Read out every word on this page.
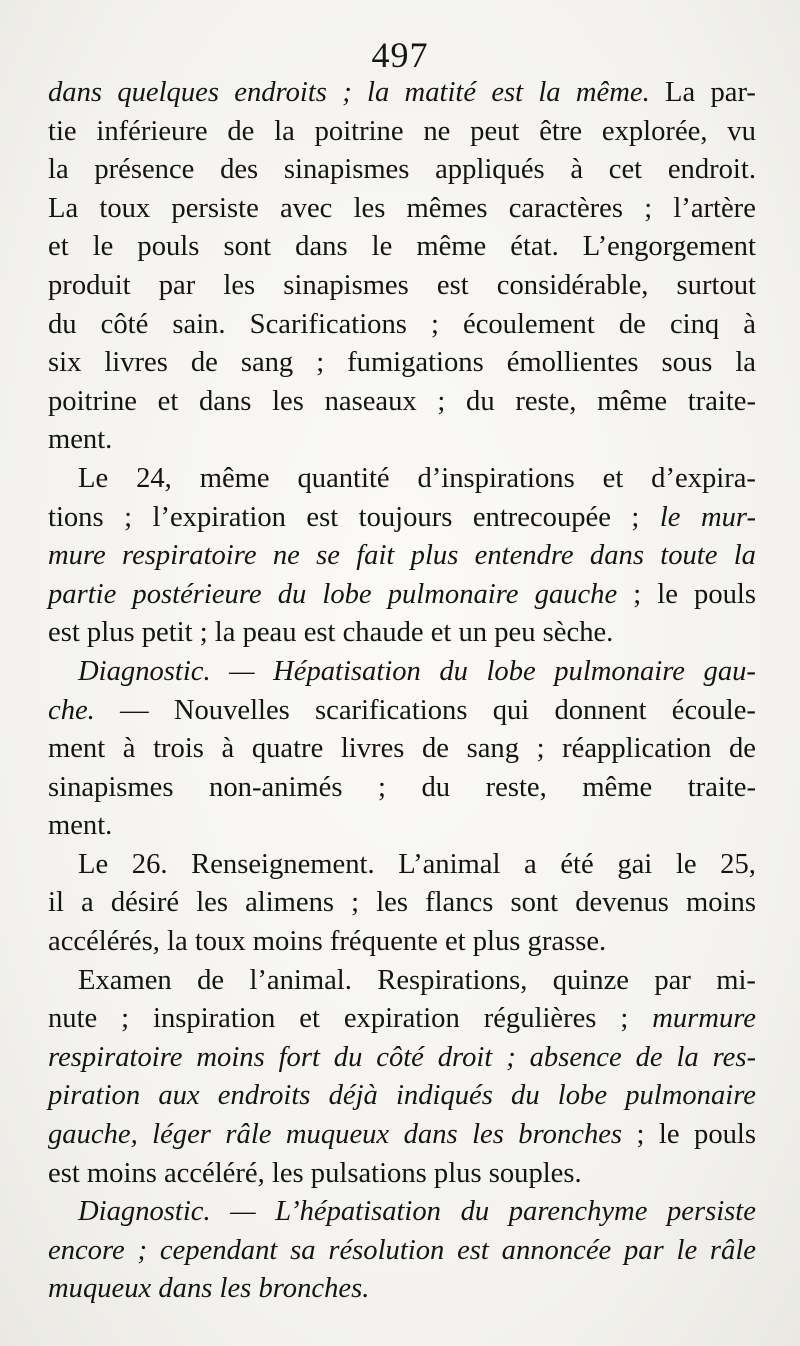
497
dans quelques endroits ; la matité est la même. La par-
tie inférieure de la poitrine ne peut être explorée, vu
la présence des sinapismes appliqués à cet endroit.
La toux persiste avec les mêmes caractères ; l’artère
et le pouls sont dans le même état. L’engorgement
produit par les sinapismes est considérable, surtout
du côté sain. Scarifications ; écoulement de cinq à
six livres de sang ; fumigations émollientes sous la
poitrine et dans les naseaux ; du reste, même traite-
ment.
Le 24, même quantité d’inspirations et d’expira-
tions ; l’expiration est toujours entrecoupée ; le mur-
mure respiratoire ne se fait plus entendre dans toute la
partie postérieure du lobe pulmonaire gauche ; le pouls
est plus petit ; la peau est chaude et un peu sèche.
Diagnostic. — Hépatisation du lobe pulmonaire gau-
che. — Nouvelles scarifications qui donnent écoule-
ment à trois à quatre livres de sang ; réapplication de
sinapismes non-animés ; du reste, même traite-
ment.
Le 26. Renseignement. L’animal a été gai le 25,
il a désiré les alimens ; les flancs sont devenus moins
accélérés, la toux moins fréquente et plus grasse.
Examen de l’animal. Respirations, quinze par mi-
nute ; inspiration et expiration régulières ; murmure
respiratoire moins fort du côté droit ; absence de la res-
piration aux endroits déjà indiqués du lobe pulmonaire
gauche, léger râle muqueux dans les bronches ; le pouls
est moins accéléré, les pulsations plus souples.
Diagnostic. — L’hépatisation du parenchyme persiste
encore ; cependant sa résolution est annoncée par le râle
muqueux dans les bronches.
